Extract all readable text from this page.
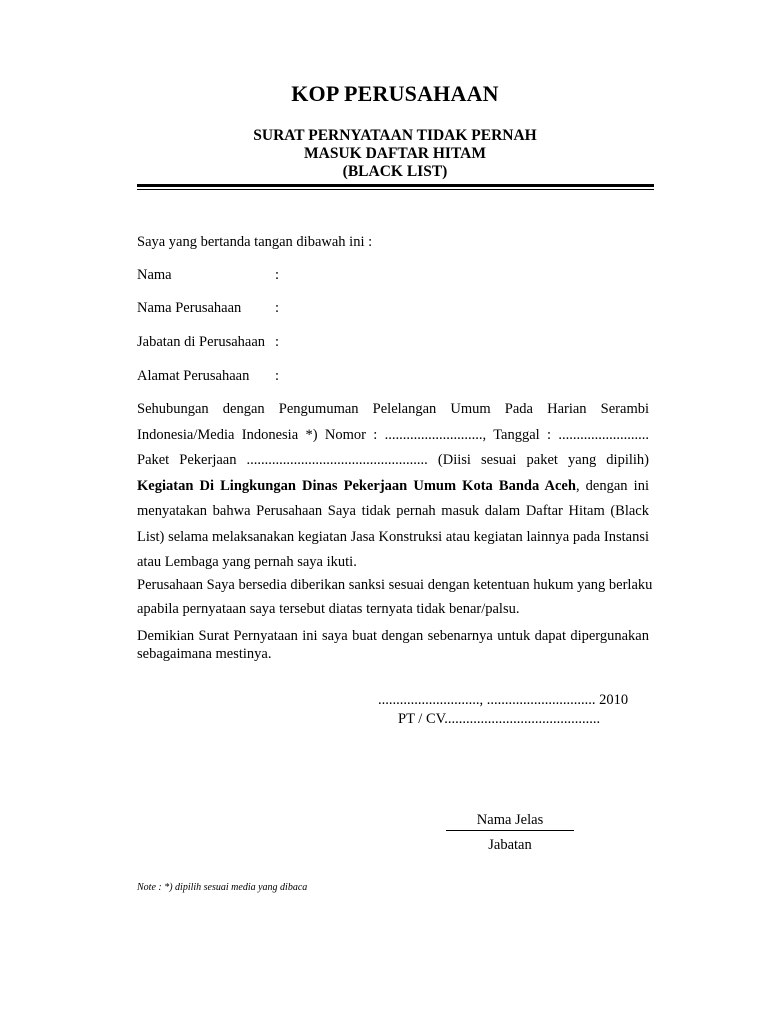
KOP PERUSAHAAN
SURAT PERNYATAAN TIDAK PERNAH
MASUK DAFTAR HITAM
(BLACK LIST)
Saya yang bertanda tangan dibawah ini :
Nama	:
Nama Perusahaan :
Jabatan di Perusahaan :
Alamat Perusahaan :
Sehubungan dengan Pengumuman Pelelangan Umum Pada Harian Serambi
Indonesia/Media Indonesia *) Nomor : ..........................., Tanggal : .........................
Paket Pekerjaan .................................................. (Diisi sesuai paket yang dipilih)
Kegiatan Di Lingkungan Dinas Pekerjaan Umum Kota Banda Aceh, dengan ini
menyatakan bahwa Perusahaan Saya tidak pernah masuk dalam Daftar Hitam (Black
List) selama melaksanakan kegiatan Jasa Konstruksi atau kegiatan lainnya pada Instansi
atau Lembaga yang pernah saya ikuti.
Perusahaan Saya bersedia diberikan sanksi sesuai dengan ketentuan hukum yang berlaku
apabila pernyataan saya tersebut diatas ternyata tidak benar/palsu.
Demikian Surat Pernyataan ini saya buat dengan sebenarnya untuk dapat dipergunakan sebagaimana mestinya.
............................, .............................. 2010
PT / CV...........................................
Nama Jelas
Jabatan
Note : *) dipilih sesuai media yang dibaca
